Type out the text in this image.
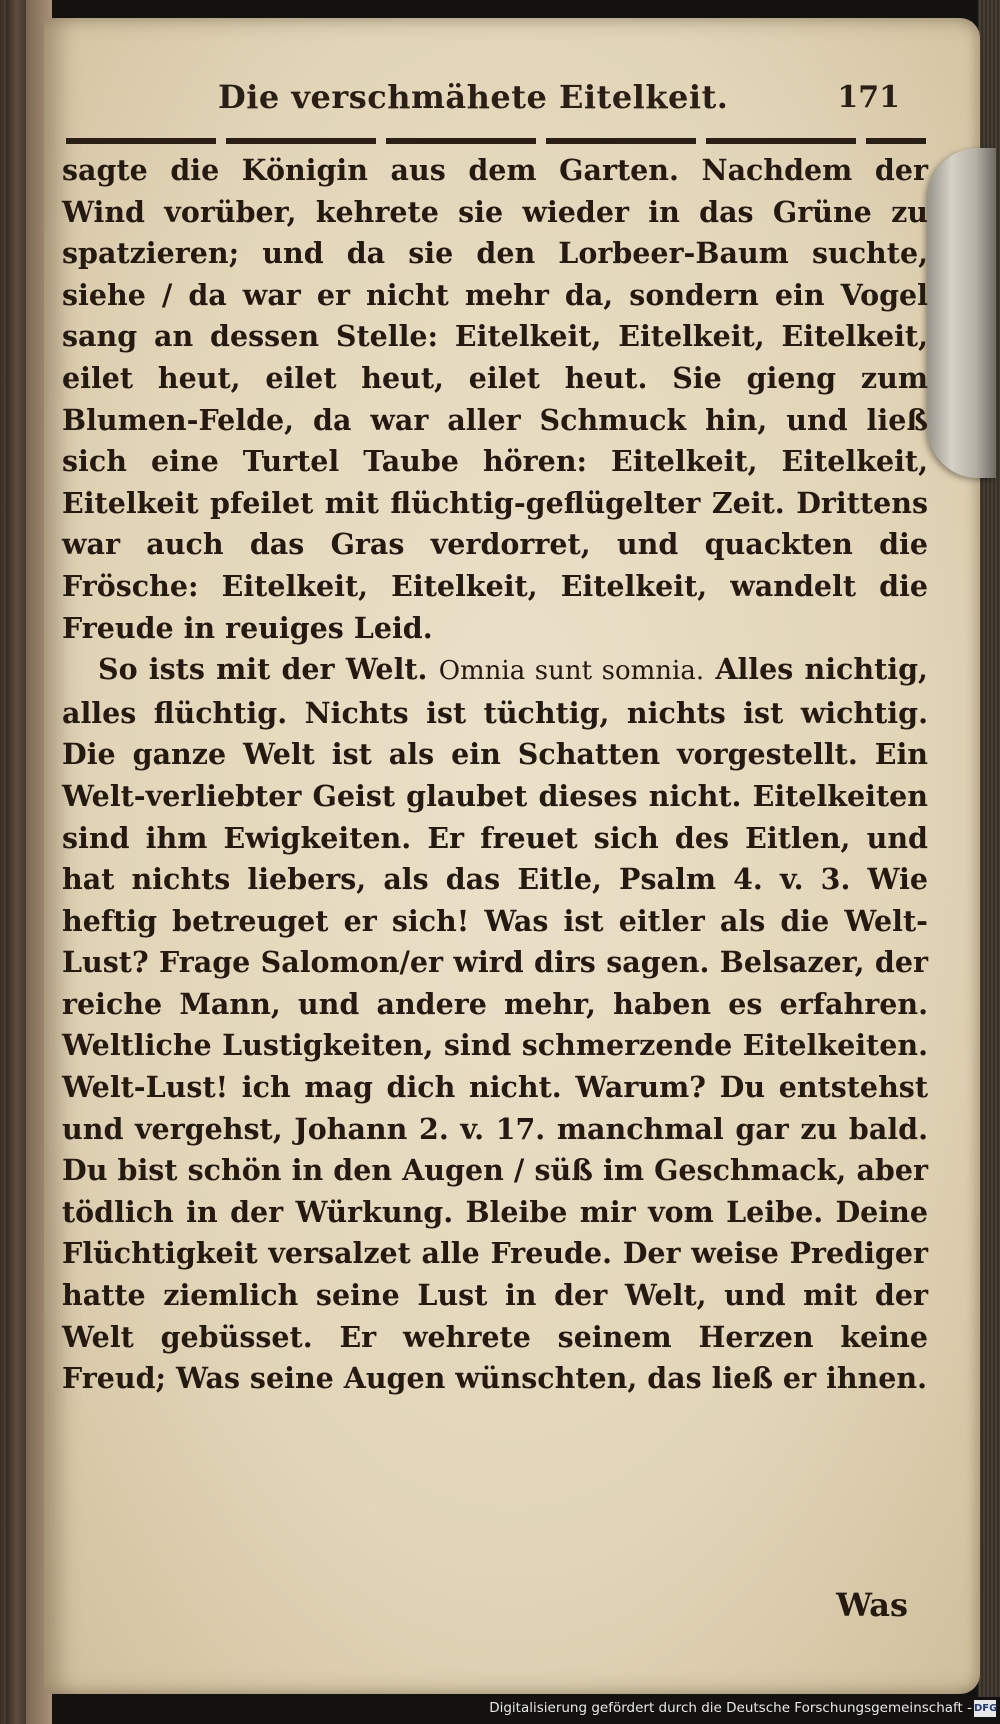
Die verschmähete Eitelkeit.	171

sagte die Königin aus dem Garten. Nachdem der Wind vorüber, kehrete sie wieder in das Grüne zu spatzieren; und da sie den Lorbeer-Baum suchte, siehe / da war er nicht mehr da, sondern ein Vogel sang an dessen Stelle: Eitelkeit, Eitelkeit, Eitelkeit, eilet heut, eilet heut, eilet heut. Sie gieng zum Blumen-Felde, da war aller Schmuck hin, und ließ sich eine Turtel Taube hören: Eitelkeit, Eitelkeit, Eitelkeit pfeilet mit flüchtig-geflügelter Zeit. Drittens war auch das Gras verdorret, und quackten die Frösche: Eitelkeit, Eitelkeit, Eitelkeit, wandelt die Freude in reuiges Leid.

So ists mit der Welt. Omnia sunt somnia. Alles nichtig, alles flüchtig. Nichts ist tüchtig, nichts ist wichtig. Die ganze Welt ist als ein Schatten vorgestellt. Ein Welt-verliebter Geist glaubet dieses nicht. Eitelkeiten sind ihm Ewigkeiten. Er freuet sich des Eitlen, und hat nichts liebers, als das Eitle, Psalm 4. v. 3. Wie heftig betreuget er sich! Was ist eitler als die Welt-Lust? Frage Salomon/er wird dirs sagen. Belsazer, der reiche Mann, und andere mehr, haben es erfahren. Weltliche Lustigkeiten, sind schmerzende Eitelkeiten. Welt-Lust! ich mag dich nicht. Warum? Du entstehst und vergehst, Johann 2. v. 17. manchmal gar zu bald. Du bist schön in den Augen / süß im Geschmack, aber tödlich in der Würkung. Bleibe mir vom Leibe. Deine Flüchtigkeit versalzet alle Freude. Der weise Prediger hatte ziemlich seine Lust in der Welt, und mit der Welt gebüsset. Er wehrete seinem Herzen keine Freud; Was seine Augen wünschten, das ließ er ihnen.

Was
Digitalisierung gefördert durch die Deutsche Forschungsgemeinschaft - DFG
